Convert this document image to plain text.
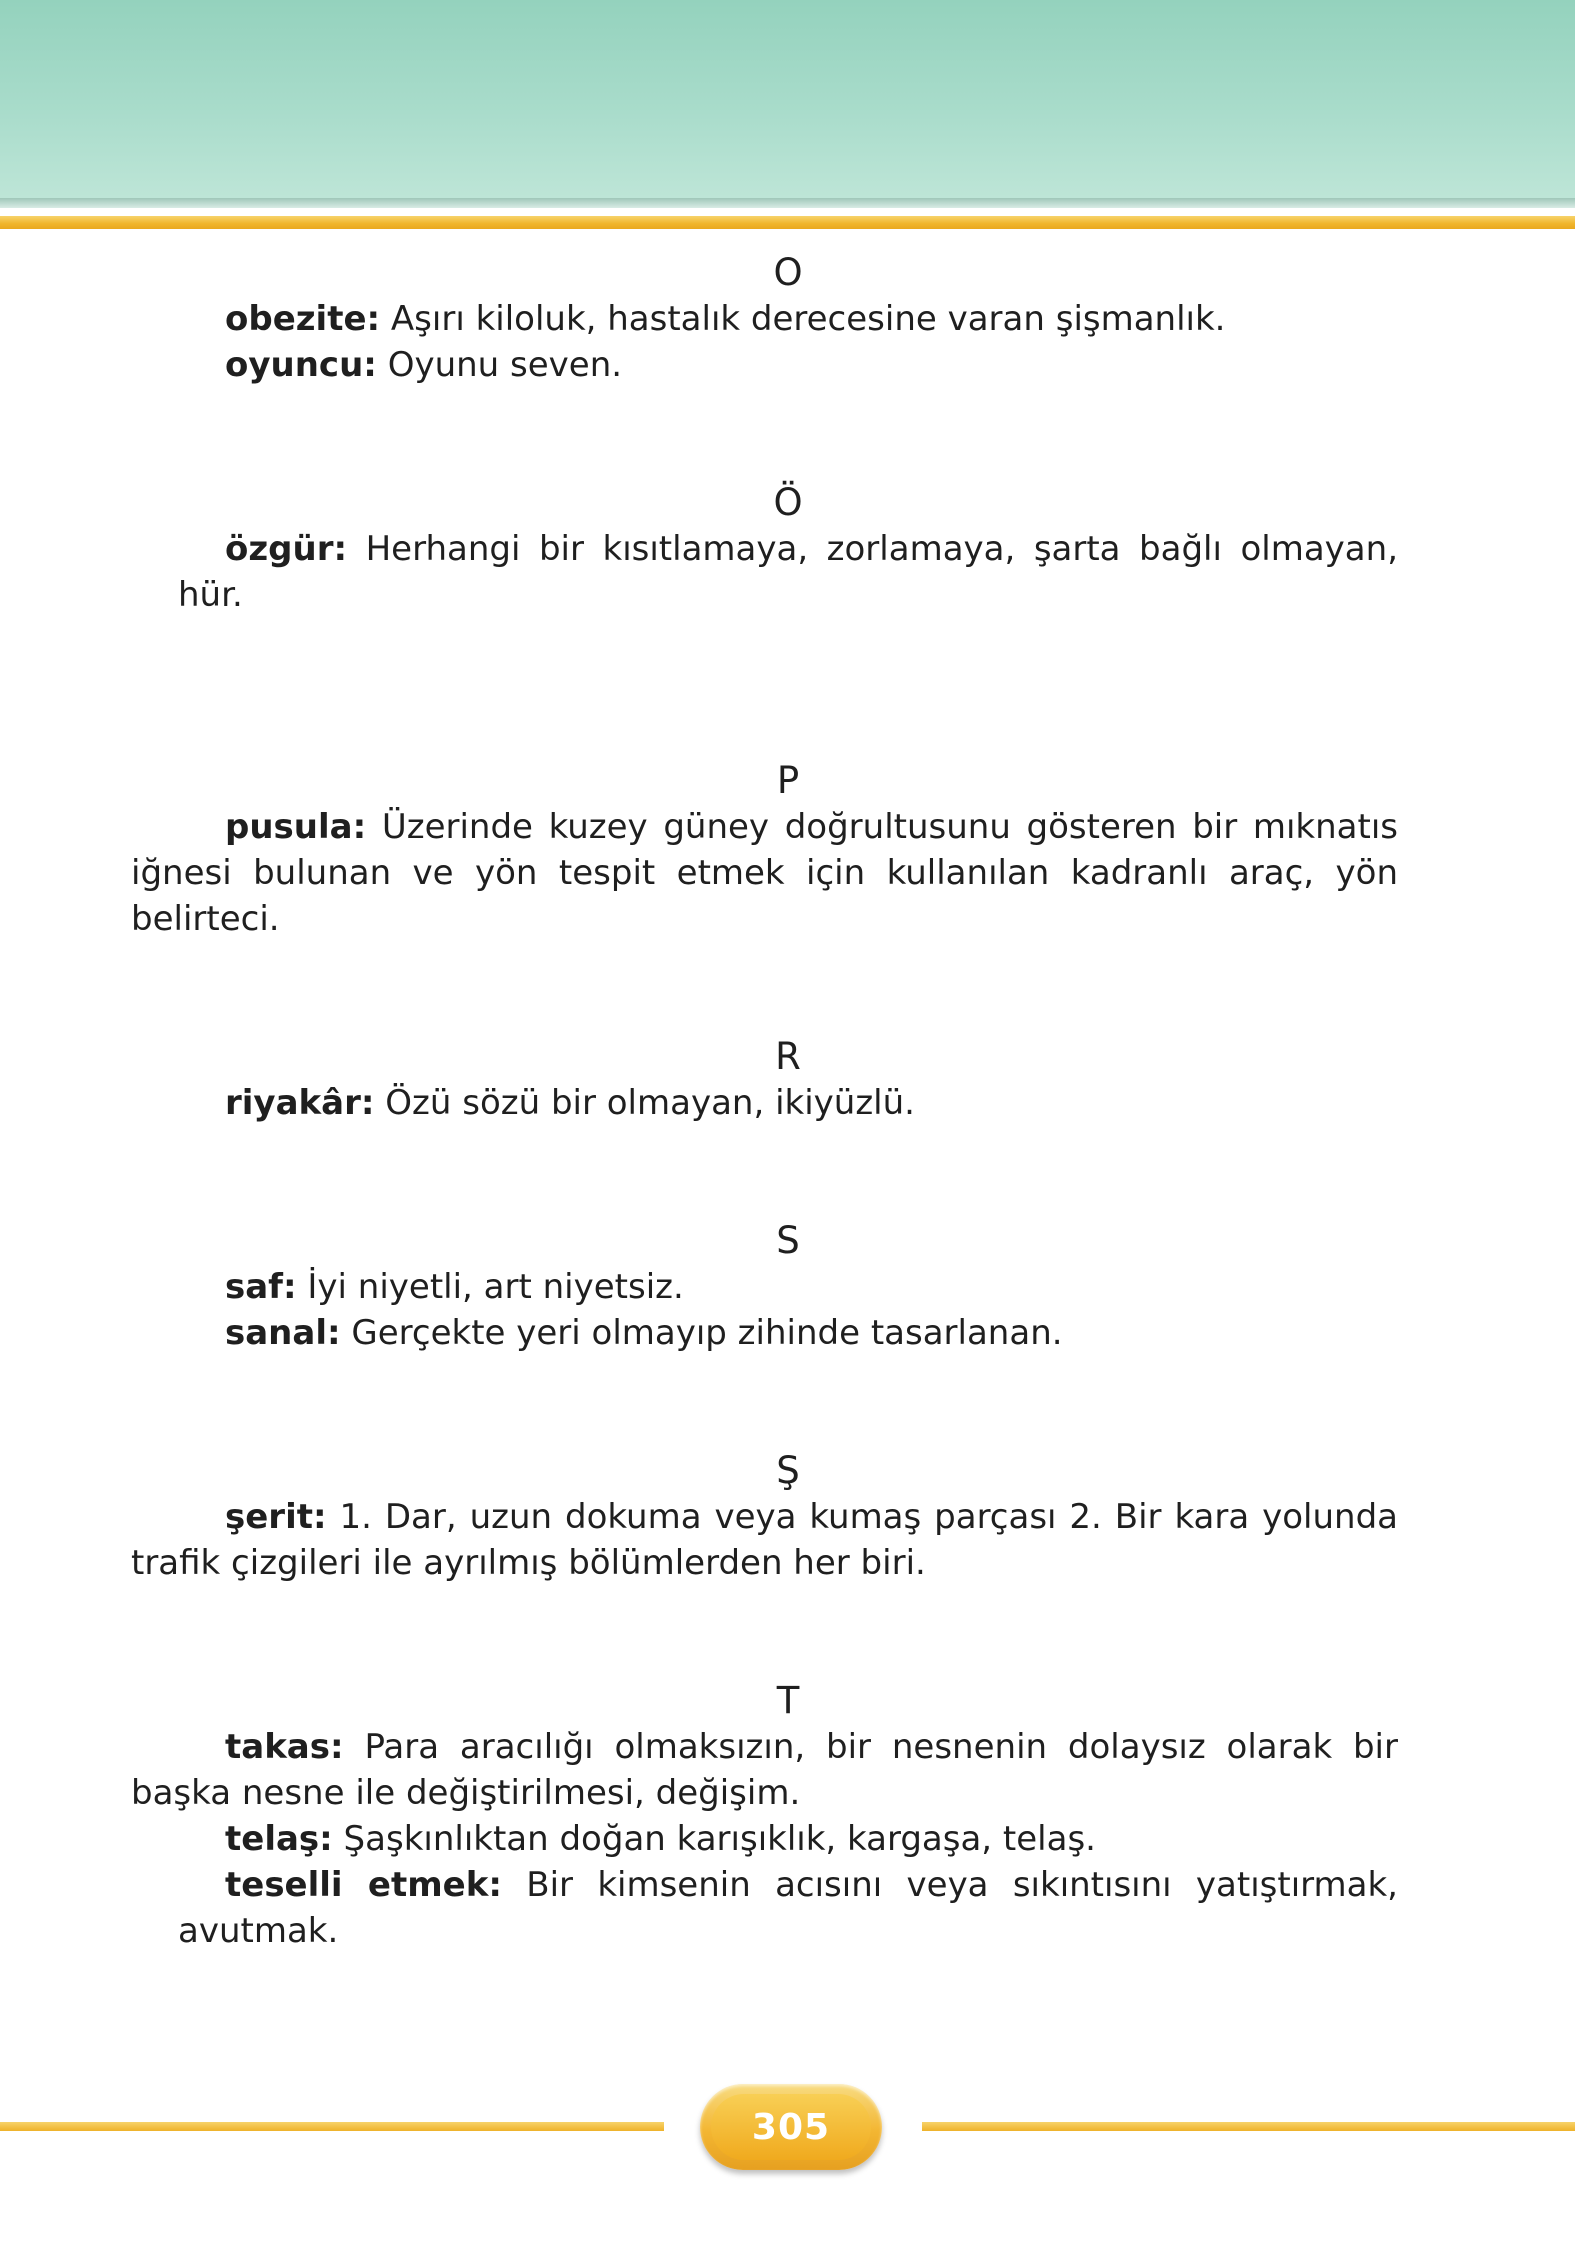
O

obezite: Aşırı kiloluk, hastalık derecesine varan şişmanlık.

oyuncu: Oyunu seven.

Ö

özgür: Herhangi bir kısıtlamaya, zorlamaya, şarta bağlı olmayan, hür.

P

pusula: Üzerinde kuzey güney doğrultusunu gösteren bir mıknatıs iğnesi bulunan ve yön tespit etmek için kullanılan kadranlı araç, yön belirteci.

R

riyakâr: Özü sözü bir olmayan, ikiyüzlü.

S

saf: İyi niyetli, art niyetsiz.

sanal: Gerçekte yeri olmayıp zihinde tasarlanan.

Ş

şerit: 1. Dar, uzun dokuma veya kumaş parçası 2. Bir kara yolunda trafik çizgileri ile ayrılmış bölümlerden her biri.

T

takas: Para aracılığı olmaksızın, bir nesnenin dolaysız olarak bir başka nesne ile değiştirilmesi, değişim.

telaş: Şaşkınlıktan doğan karışıklık, kargaşa, telaş.

teselli etmek: Bir kimsenin acısını veya sıkıntısını yatıştırmak, avutmak.

305
